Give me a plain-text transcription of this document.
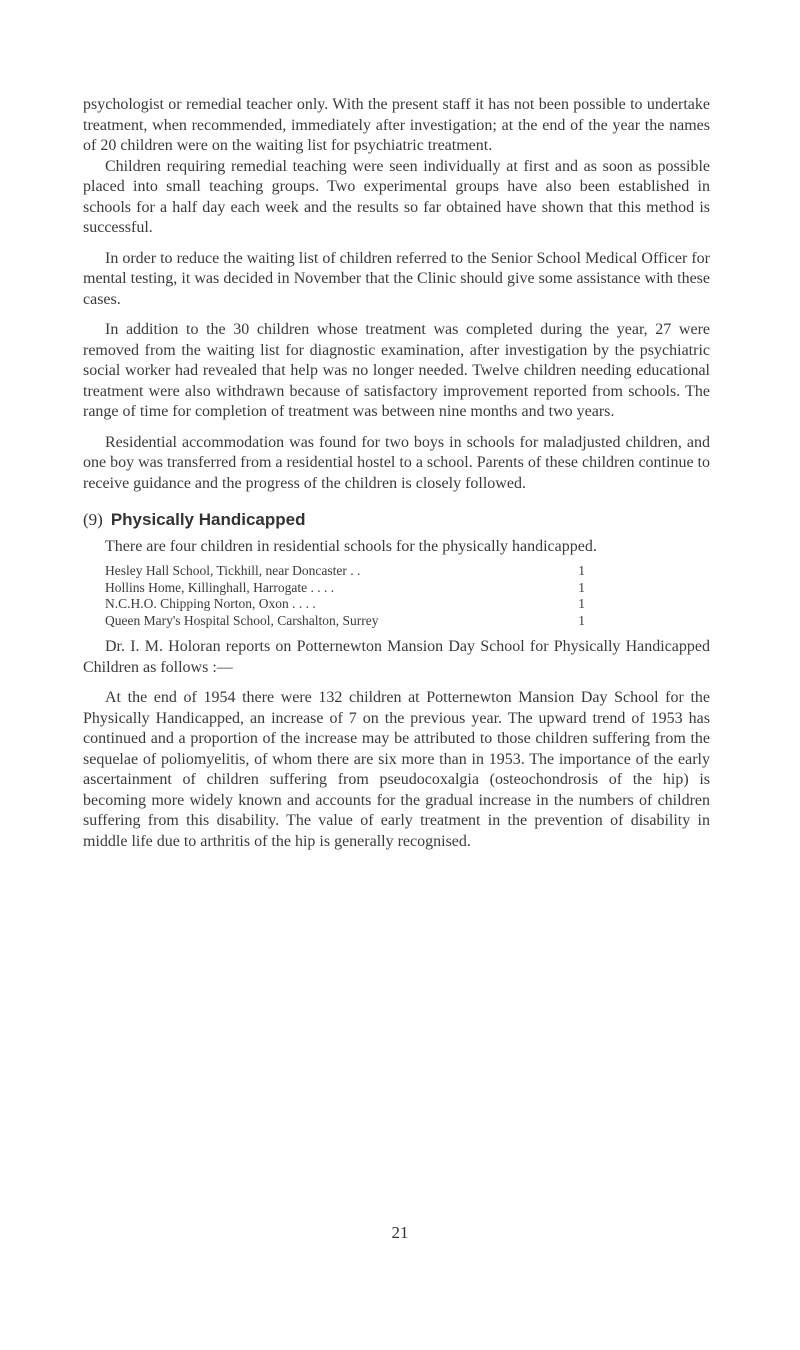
psychologist or remedial teacher only. With the present staff it has not been possible to undertake treatment, when recommended, immediately after investigation; at the end of the year the names of 20 children were on the waiting list for psychiatric treatment.

Children requiring remedial teaching were seen individually at first and as soon as possible placed into small teaching groups. Two experimental groups have also been established in schools for a half day each week and the results so far obtained have shown that this method is successful.

In order to reduce the waiting list of children referred to the Senior School Medical Officer for mental testing, it was decided in November that the Clinic should give some assistance with these cases.

In addition to the 30 children whose treatment was completed during the year, 27 were removed from the waiting list for diagnostic examination, after investigation by the psychiatric social worker had revealed that help was no longer needed. Twelve children needing educational treatment were also withdrawn because of satisfactory improvement reported from schools. The range of time for completion of treatment was between nine months and two years.

Residential accommodation was found for two boys in schools for maladjusted children, and one boy was transferred from a residential hostel to a school. Parents of these children continue to receive guidance and the progress of the children is closely followed.

(9) Physically Handicapped

There are four children in residential schools for the physically handicapped.

Hesley Hall School, Tickhill, near Doncaster . .	1
Hollins Home, Killinghall, Harrogate . . . .	1
N.C.H.O. Chipping Norton, Oxon . . . .	1
Queen Mary's Hospital School, Carshalton, Surrey	1

Dr. I. M. Holoran reports on Potternewton Mansion Day School for Physically Handicapped Children as follows :—

At the end of 1954 there were 132 children at Potternewton Mansion Day School for the Physically Handicapped, an increase of 7 on the previous year. The upward trend of 1953 has continued and a proportion of the increase may be attributed to those children suffering from the sequelae of poliomyelitis, of whom there are six more than in 1953. The importance of the early ascertainment of children suffering from pseudocoxalgia (osteochondrosis of the hip) is becoming more widely known and accounts for the gradual increase in the numbers of children suffering from this disability. The value of early treatment in the prevention of disability in middle life due to arthritis of the hip is generally recognised.

21
